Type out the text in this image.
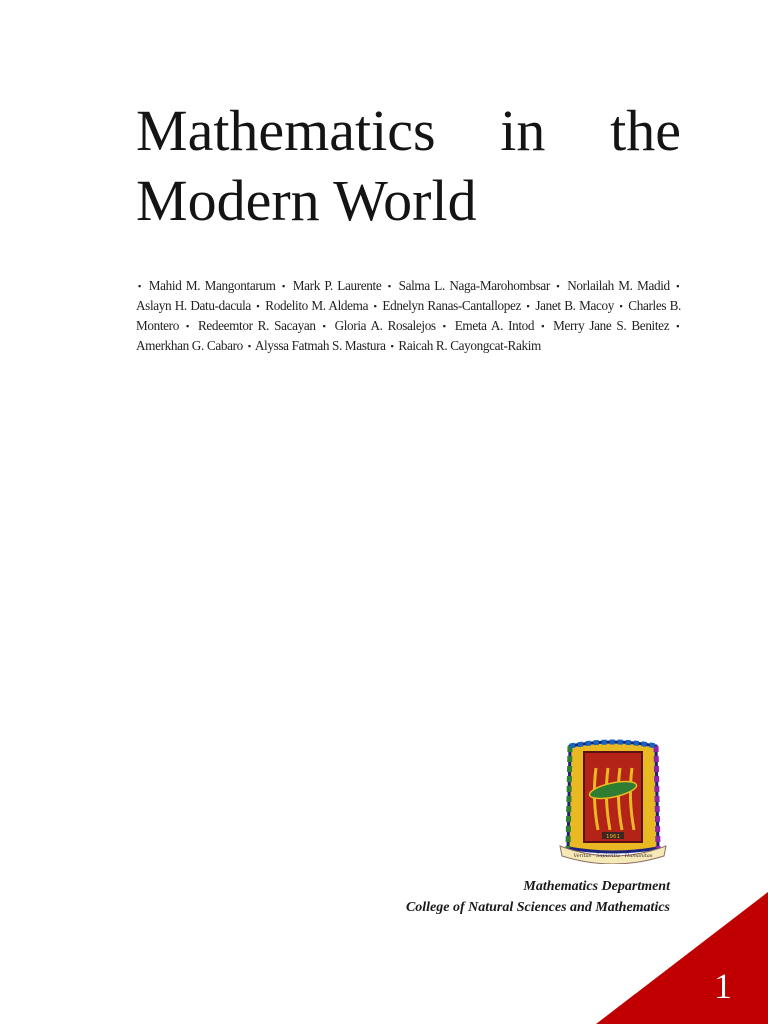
Mathematics in the Modern World

▪ Mahid M. Mangontarum ▪ Mark P. Laurente ▪ Salma L. Naga-Marohombsar ▪ Norlailah M. Madid ▪ Aslayn H. Datu-dacula ▪ Rodelito M. Aldema ▪ Ednelyn Ranas-Cantallopez ▪ Janet B. Macoy ▪ Charles B. Montero ▪ Redeemtor R. Sacayan ▪ Gloria A. Rosalejos ▪ Emeta A. Intod ▪ Merry Jane S. Benitez ▪ Amerkhan G. Cabaro ▪ Alyssa Fatmah S. Mastura ▪ Raicah R. Cayongcat-Rakim

1961
Veritas · Sapientia · Humanitas
Mathematics Department
College of Natural Sciences and Mathematics
1
